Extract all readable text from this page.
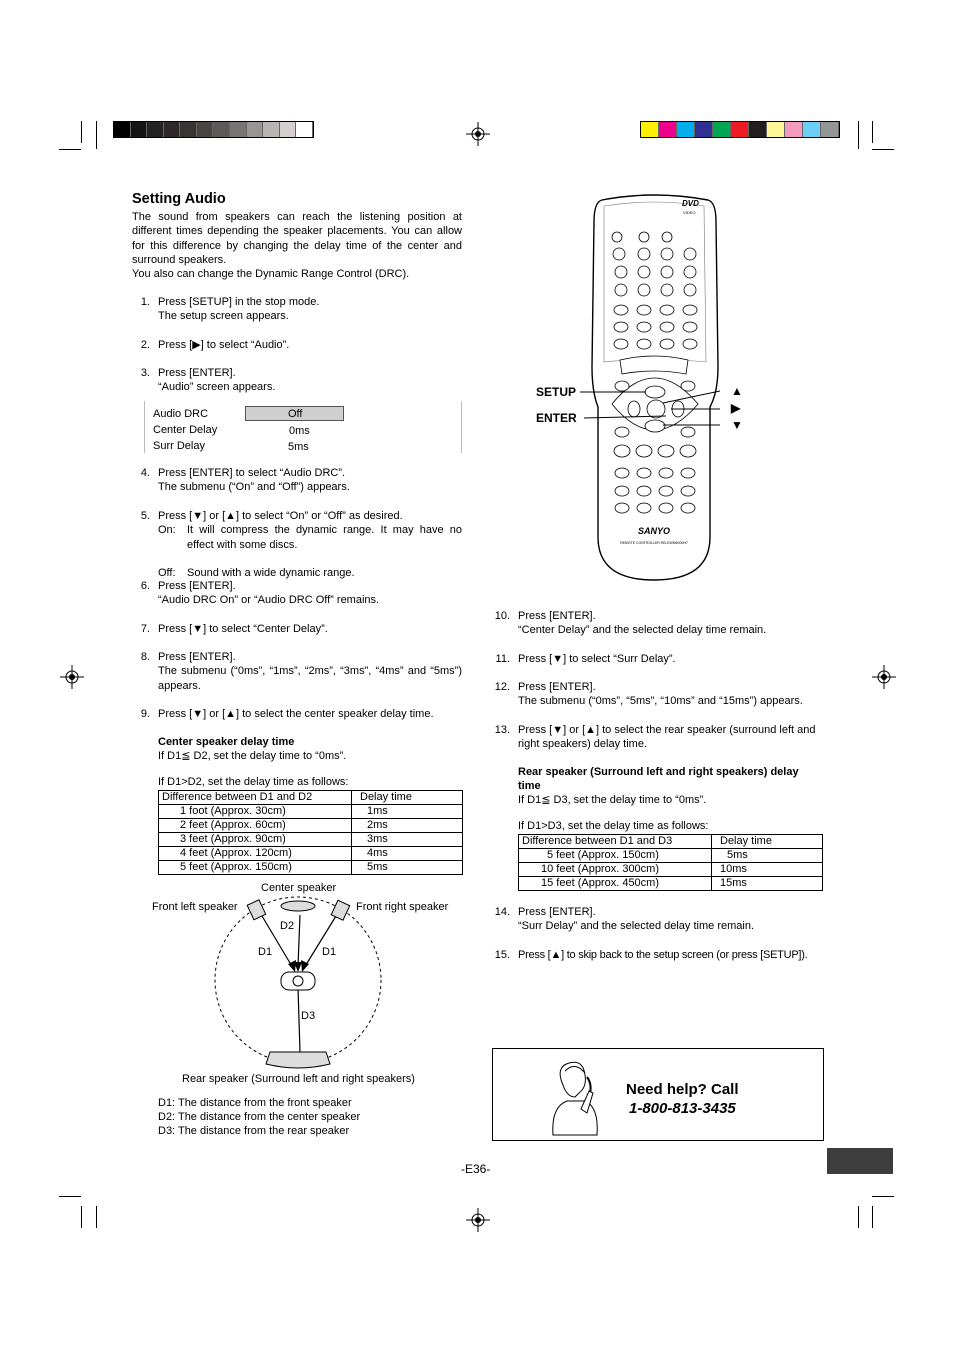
Setting Audio
The sound from speakers can reach the listening position at different times depending the speaker placements. You can allow for this difference by changing the delay time of the center and surround speakers.
You also can change the Dynamic Range Control (DRC).
1. Press [SETUP] in the stop mode.
The setup screen appears.
2. Press [▶] to select “Audio”.
3. Press [ENTER].
“Audio” screen appears.
Audio DRC	Off
Center Delay	0ms
Surr Delay	5ms
4. Press [ENTER] to select “Audio DRC”.
The submenu (“On” and “Off”) appears.
5. Press [▼] or [▲] to select “On” or “Off” as desired.
On: It will compress the dynamic range. It may have no effect with some discs.
Off: Sound with a wide dynamic range.
6. Press [ENTER].
“Audio DRC On” or “Audio DRC Off” remains.
7. Press [▼] to select “Center Delay”.
8. Press [ENTER].
The submenu (“0ms”, “1ms”, “2ms”, “3ms”, “4ms” and “5ms”) appears.
9. Press [▼] or [▲] to select the center speaker delay time.
Center speaker delay time
If D1≦ D2, set the delay time to “0ms”.
If D1>D2, set the delay time as follows:
Difference between D1 and D2	Delay time
1 foot (Approx. 30cm)	1ms
2 feet (Approx. 60cm)	2ms
3 feet (Approx. 90cm)	3ms
4 feet (Approx. 120cm)	4ms
5 feet (Approx. 150cm)	5ms
Center speaker
Front left speaker	Front right speaker
D2
D1	D1
D3
Rear speaker (Surround left and right speakers)
D1: The distance from the front speaker
D2: The distance from the center speaker
D3: The distance from the rear speaker
DVD
VIDEO
SANYO
REMOTE CONTROLLER RB-DWM6000H7
SETUP
ENTER
▲
▶
▼
10. Press [ENTER].
“Center Delay” and the selected delay time remain.
11. Press [▼] to select “Surr Delay”.
12. Press [ENTER].
The submenu (“0ms”, “5ms”, “10ms” and “15ms”) appears.
13. Press [▼] or [▲] to select the rear speaker (surround left and
right speakers) delay time.
Rear speaker (Surround left and right speakers) delay
time
If D1≦ D3, set the delay time to “0ms”.
If D1>D3, set the delay time as follows:
Difference between D1 and D3	Delay time
5 feet (Approx. 150cm)	5ms
10 feet (Approx. 300cm)	10ms
15 feet (Approx. 450cm)	15ms
14. Press [ENTER].
“Surr Delay” and the selected delay time remain.
15. Press [▲] to skip back to the setup screen (or press [SETUP]).
Need help? Call
1-800-813-3435
-E36-
